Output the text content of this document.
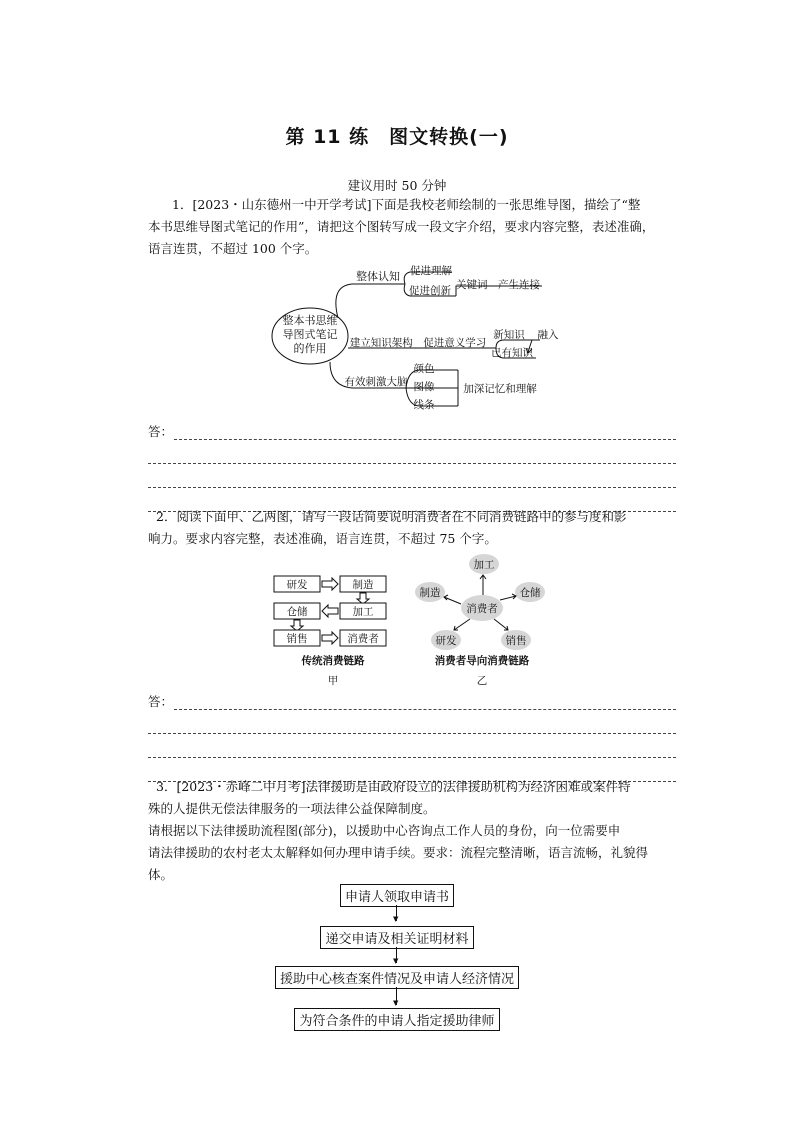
第 11 练　图文转换(一)
建议用时 50 分钟
1．[2023・山东德州一中开学考试]下面是我校老师绘制的一张思维导图，描绘了“整
本书思维导图式笔记的作用”，请把这个图转写成一段文字介绍，要求内容完整，表述准确，
语言连贯，不超过 100 个字。
整本书思维
导图式笔记
的作用
整体认知 促进理解
促进创新 关键词　产生连接
建立知识架构　促进意义学习
新知识 融入
已有知识
有效刺激大脑
颜色
图像
线条
加深记忆和理解
答：
2．阅读下面甲、乙两图，请写一段话简要说明消费者在不同消费链路中的参与度和影
响力。要求内容完整，表述准确，语言连贯，不超过 75 个字。
研发	制造
仓储	加工
销售	消费者
传统消费链路
甲
加工
仓储
销售
研发
制造
消费者
消费者导向消费链路
乙
答：
3．[2023・赤峰二中月考]法律援助是由政府设立的法律援助机构为经济困难或案件特
殊的人提供无偿法律服务的一项法律公益保障制度。
请根据以下法律援助流程图(部分)，以援助中心咨询点工作人员的身份，向一位需要申
请法律援助的农村老太太解释如何办理申请手续。要求：流程完整清晰，语言流畅，礼貌得
体。
申请人领取申请书
▼
递交申请及相关证明材料
▼
援助中心核查案件情况及申请人经济情况
▼
为符合条件的申请人指定援助律师
